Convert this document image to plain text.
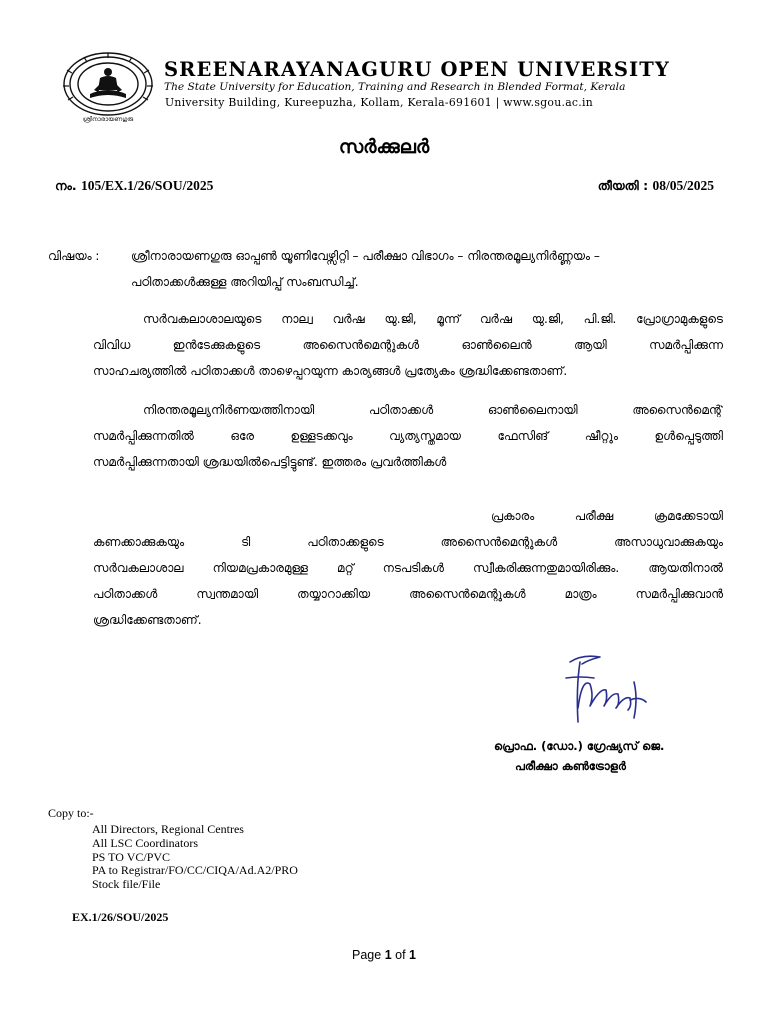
ശ്രീനാരായണഗുരു
SREENARAYANAGURU OPEN UNIVERSITY
The State University for Education, Training and Research in Blended Format, Kerala
University Building, Kureepuzha, Kollam, Kerala-691601 | www.sgou.ac.in
സർക്കുലർ
നം. 105/EX.1/26/SOU/2025	തീയതി : 08/05/2025
വിഷയം :	ശ്രീനാരായണഗുരു ഓപ്പൺ യൂണിവേഴ്സിറ്റി – പരീക്ഷാ വിഭാഗം – നിരന്തരമൂല്യനിർണ്ണയം –
പഠിതാക്കൾക്കുള്ള അറിയിപ്പ് സംബന്ധിച്ച്.
സർവകലാശാലയുടെ നാല്വ വർഷ യു.ജി, മൂന്ന് വർഷ യു.ജി, പി.ജി. പ്രോഗ്രാമുകളുടെ
വിവിധ ഇൻടേക്കുകളുടെ അസൈൻമെന്റുകൾ ഓൺലൈൻ ആയി സമർപ്പിക്കുന്ന
സാഹചര്യത്തിൽ പഠിതാക്കൾ താഴെപ്പറയുന്ന കാര്യങ്ങൾ പ്രത്യേകം ശ്രദ്ധിക്കേണ്ടതാണ്.
നിരന്തരമൂല്യനിർണയത്തിനായി പഠിതാക്കൾ ഓൺലൈനായി അസൈൻമെന്റ്
സമർപ്പിക്കുന്നതിൽ ഒരേ ഉള്ളടക്കവും വ്യത്യസ്തമായ ഫേസിങ് ഷീറ്റും ഉൾപ്പെടുത്തി
സമർപ്പിക്കുന്നതായി ശ്രദ്ധയിൽപെട്ടിട്ടുണ്ട്. ഇത്തരം പ്രവർത്തികൾ
പ്രകാരം പരീക്ഷ ക്രമക്കേടായി
കണക്കാക്കുകയും ടി പഠിതാക്കളുടെ അസൈൻമെന്റുകൾ അസാധുവാക്കുകയും
സർവകലാശാല നിയമപ്രകാരമുള്ള മറ്റ് നടപടികൾ സ്വീകരിക്കുന്നതുമായിരിക്കും. ആയതിനാൽ
പഠിതാക്കൾ സ്വന്തമായി തയ്യാറാക്കിയ അസൈൻമെന്റുകൾ മാത്രം സമർപ്പിക്കുവാൻ
ശ്രദ്ധിക്കേണ്ടതാണ്.
പ്രൊഫ. (ഡോ.) ഗ്രേഷ്യസ് ജെ.
പരീക്ഷാ കൺട്രോളർ
Copy to:-
All Directors, Regional Centres
All LSC Coordinators
PS TO VC/PVC
PA to Registrar/FO/CC/CIQA/Ad.A2/PRO
Stock file/File
EX.1/26/SOU/2025
Page 1 of 1
